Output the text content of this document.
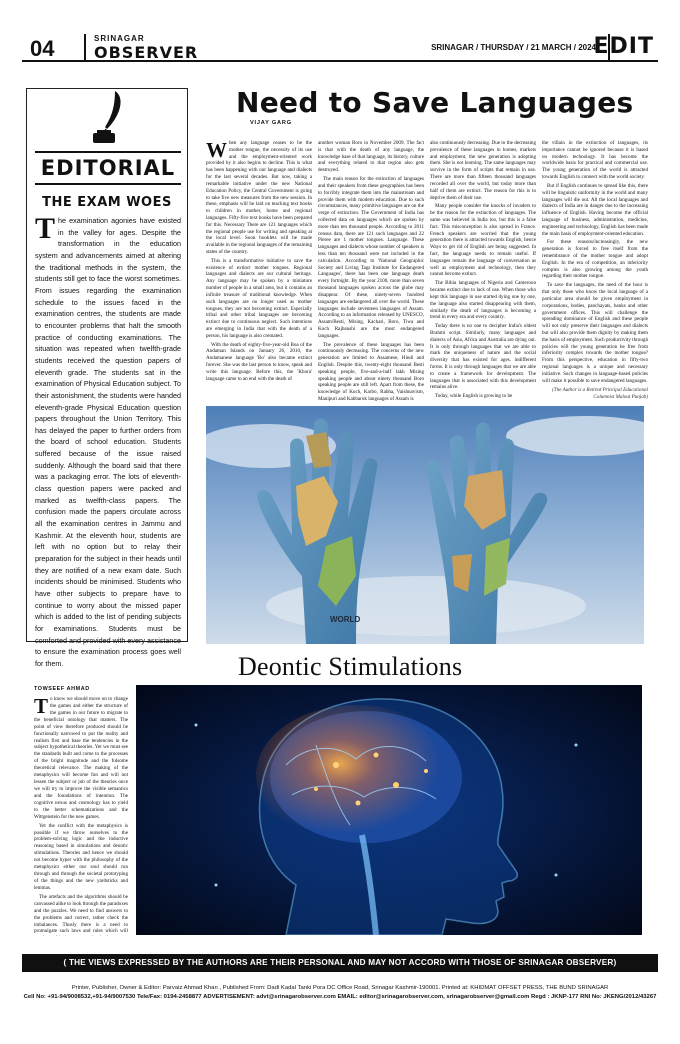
04	SRINAGAR
OBSERVER	SRINAGAR / THURSDAY / 21 MARCH / 2024
EDIT
EDITORIAL
THE EXAM WOES
T he examination agonies have existed in the valley for ages. Despite the transformation in the education system and advancements aimed at altering the traditional methods in the system, the students still get to face the worst sometimes. From issues regarding the examination schedule to the issues faced in the examination centres, the students are made to encounter problems that halt the smooth practice of conducting examinations. The situation was repeated when twelfth-grade students received the question papers of eleventh grade. The students sat in the examination of Physical Education subject. To their astonishment, the students were handed eleventh-grade Physical Education question papers throughout the Union Territory. This has delayed the paper to further orders from the board of school education. Students suffered because of the issue raised suddenly. Although the board said that there was a packaging error. The lots of eleventh-class question papers were packed and marked as twelfth-class papers. The confusion made the papers circulate across all the examination centres in Jammu and Kashmir. At the eleventh hour, students are left with no option but to relay their preparation for the subject in their heads until they are notified of a new exam date. Such incidents should be minimised. Students who have other subjects to prepare have to continue to worry about the missed paper which is added to the list of pending subjects for examinations. Students must be comforted and provided with every assistance to ensure the examination process goes well for them.
Need to Save Languages
VIJAY GARG

When any language ceases to be the mother tongue, the necessity of its use and the employment-oriented work provided by it also begins to decline. This is what has been happening with our language and dialects for the last several decades. But now, taking a remarkable initiative under the new National Education Policy, the Central Government is going to take five new measures from the new session. In these, emphasis will be laid on teaching text books to children in mother, home and regional languages. Fifty-five text books have been prepared for this. Necessary There are 121 languages which the regional people use for writing and speaking at the local level. Soon booklets will be made available in the regional languages of the remaining states of the country.

This is a transformative initiative to save the existence of extinct mother tongues. Regional languages and dialects are our cultural heritage. Any language may be spoken by a miniature number of people in a small area, but it contains an infinite treasure of traditional knowledge. When such languages are no longer used as mother tongues, they are not becoming extinct. Especially tribal and other tribal languages are becoming extinct due to continuous neglect. Such intentions are emerging in India that with the death of a person, his language is also cremated.

With the death of eighty-five-year-old Boa of the Andaman Islands on January 26, 2010, the Andamanese language 'Bo' also became extinct forever. She was the last person to know, speak and write this language. Before this, the 'Khora' language came to an end with the death of

another woman Boro in November 2009. The fact is that with the death of any language, the knowledge base of that language, its history, culture and everything related to that region also gets destroyed.

The main reason for the extinction of languages and their speakers from these geographies has been to forcibly integrate them into the mainstream and provide them with modern education. Due to such circumstances, many primitive languages are on the verge of extinction. The Government of India has collected data on languages which are spoken by more than ten thousand people. According to 2011 census data, there are 121 such languages and 22 Pieree are 1 mother tongues. Language. These languages and dialects whose number of speakers is less than ten thousand were not included in the calculation. According to 'National Geographic Society and Living Tags Institute for Endangered Languages', there has been one language death every fortnight. By the year 2100, more than seven thousand languages spoken across the globe may disappear. Of these, ninety-seven hundred languages are endangered all over the world. These languages include seventeen languages of Assam. According to an information released by UNESCO, Assam/Besti, Mising, Kachari, Boro, Tiwa and Koch Rajbanshi are the most endangered languages.

The prevalence of these languages has been continuously decreasing. The concerns of the new generation are limited to Assamese, Hindi and English. Despite this, twenty-eight thousand Besti speaking people, five-and-a-half lakh Mising speaking people and about ninety thousand Boro speaking people are still left. Apart from these, the knowledge of Koch, Karbo, Rabha, Vaishnavism, Manipuri and Kabbarok languages of Assam is

also continuously decreasing. Due to the decreasing prevalence of these languages in homes, markets and employment, the new generation is adopting them. She is not learning. The same languages may survive in the form of scripts that remain in use. There are more than fifteen thousand languages recorded all over the world, but today more than half of them are extinct. The reason for this is to deprive them of their use.

Many people consider the knocks of invaders to be the reason for the extinction of languages. The same was believed in India too, but this is a false fact. This misconception is also spread in France. French speakers are worried that the young generation there is attracted towards English, hence Ways to get rid of English are being suggested. In fact, the language needs to remain useful. If languages remain the language of conversation as well as employment and technology, then they cannot become extinct.

The Bibia languages of Nigeria and Cameroon became extinct due to lack of use. When those who kept this language in use started dying one by one, the language also started disappearing with them, similarly the death of languages is becoming a trend in every era and every country.

Today there is no one to decipher India's oldest Brahmi script. Similarly, many languages and dialects of Asia, Africa and Australia are dying out. It is only through languages that we are able to mark the uniqueness of nature and the social diversity that has existed for ages. indifferent forms. It is only through languages that we are able to create a framework for development. The languages that is associated with this development remains alive.

Today, while English is growing to be

the villain in the extinction of languages, its importance cannot be ignored because it is based on modern technology. It has become the worldwide basis for practical and commercial use. The young generation of the world is attracted towards English to connect with the world society.

But if English continues to spread like this, there will be linguistic uniformity in the world and many languages will die out. All the local languages and dialects of India are in danger due to the increasing influence of English. Having become the official language of business, administration, medicine, engineering and technology, English has been made the main basis of employment-oriented education.

For these reasons/increasingly, the new generation is forced to free itself from the remembrance of the mother tongue and adopt English. In the era of competition, an inferiority complex is also growing among the youth regarding their mother tongue.

To save the languages, the need of the hour is that only those who know the local language of a particular area should be given employment in corporations, bodies, panchayats, banks and other government offices. This will challenge the spreading dominance of English and these people will not only preserve their languages and dialects but will also provide them dignity by making them the basis of employment. Such productivity through policies will the young generation be free from inferiority complex towards the mother tongue? From this perspective, education in fifty-two regional languages is a unique and necessary initiative. Such changes in language-based policies will make it possible to save endangered languages.

(The Author is a Retired Principal Educational Columnist Malout Punjab)
WORLD
Deontic Stimulations
TOWSEEF AHMAD

To know we should move on to change the games and either the structure of the games in our future to migrate to the beneficial ontology that matters. The point of view therefore produced should be functionally narrowed to put the reality and realism first and base the tendencies in the subject hypothetical theories. Yet we must see the standards built and come to the processes of the bright magnitude and the fulsome theoretical relevance. The making of the metaphysics will become fun and will not lessen the subject or job of the theories once we will try to improve the visible semantics and the foundations of intention. The cognitive nexus and cosmology has to yield to the better schematizations and the Wittgenstein for the new games.

Yet the conflict with the metaphysics is possible if we throw ourselves to the problem-solving logic and the inductive reasoning based in simulations and deontic stimulations. Theories and hence we should not become hyper with the philosophy of the metaphysics either our soul should run through and through the societal prototyping of the things and the new yardsticks and lemmas.

The artefacts and the algorithms should be canvassed alike to look through the paradoxes and the puzzles. We need to find answers to the problems and correct, rather check the imbalances. Thusly there is a need to promulgate such laws and rules which will

( THE VIEWS EXPRESSED BY THE AUTHORS ARE THEIR PERSONAL AND MAY NOT ACCORD WITH THOSE OF SRINAGAR OBSERVER)
Printer, Publisher, Owner & Editor: Parvaiz Ahmad Khan , Published From: Dadi Kadal Tanki Pora DC Office Road, Srinagar Kashmir-190001. Printed at: KHIDMAT OFFSET PRESS, THE BUND SRINAGAR
Cell No: +91-94/9008532,+91-94/9007530 Tele/Fax: 0194-2458877 ADVERTISEMENT: advt@srinagarobserver.com EMAIL: editor@srinagarobserver.com, srinagarobserver@gmail.com Regd : JKNP-177 RNI No: JKENG/2012/43267
